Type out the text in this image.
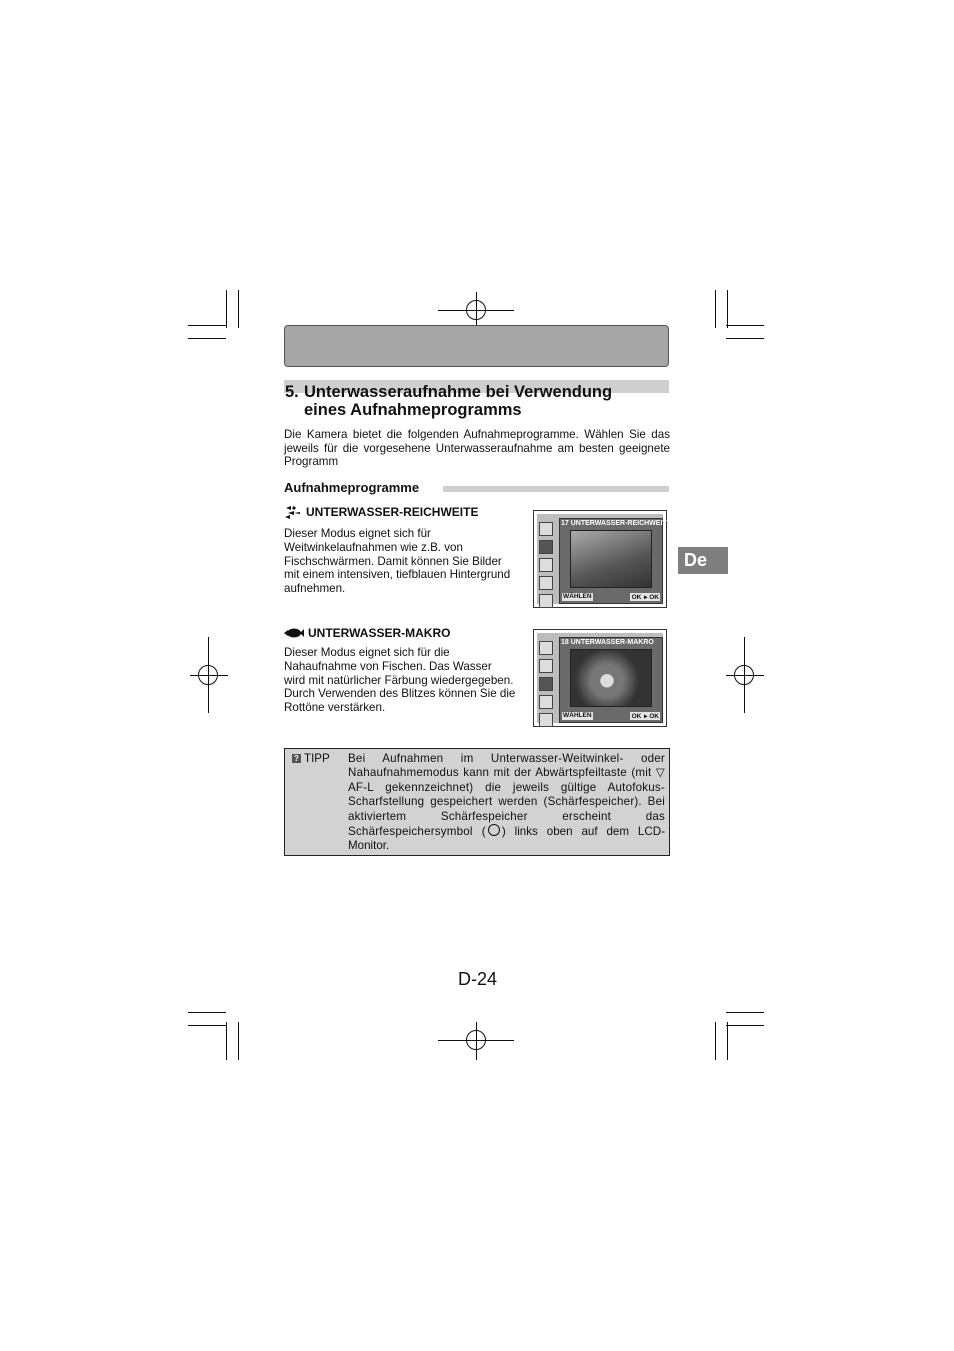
5. Unterwasseraufnahme bei Verwendung
eines Aufnahmeprogramms
Die Kamera bietet die folgenden Aufnahmeprogramme. Wählen Sie das jeweils für die vorgesehene Unterwasseraufnahme am besten geeignete Programm
Aufnahmeprogramme
UNTERWASSER-REICHWEITE
Dieser Modus eignet sich für Weitwinkelaufnahmen wie z.B. von Fischschwärmen. Damit können Sie Bilder mit einem intensiven, tiefblauen Hintergrund aufnehmen.
17 UNTERWASSER-REICHWEITE
WÄHLEN	OK ▸ OK
UNTERWASSER-MAKRO
Dieser Modus eignet sich für die Nahaufnahme von Fischen. Das Wasser wird mit natürlicher Färbung wiedergegeben. Durch Verwenden des Blitzes können Sie die Rottöne verstärken.
18 UNTERWASSER-MAKRO
WÄHLEN	OK ▸ OK
? TIPP Bei Aufnahmen im Unterwasser-Weitwinkel- oder Nahaufnahmemodus kann mit der Abwärtspfeiltaste (mit ▽ AF-L gekennzeichnet) die jeweils gültige Autofokus-Scharfstellung gespeichert werden (Schärfespeicher). Bei aktiviertem Schärfespeicher erscheint das Schärfespeichersymbol ( ) links oben auf dem LCD-Monitor.
De
D-24
